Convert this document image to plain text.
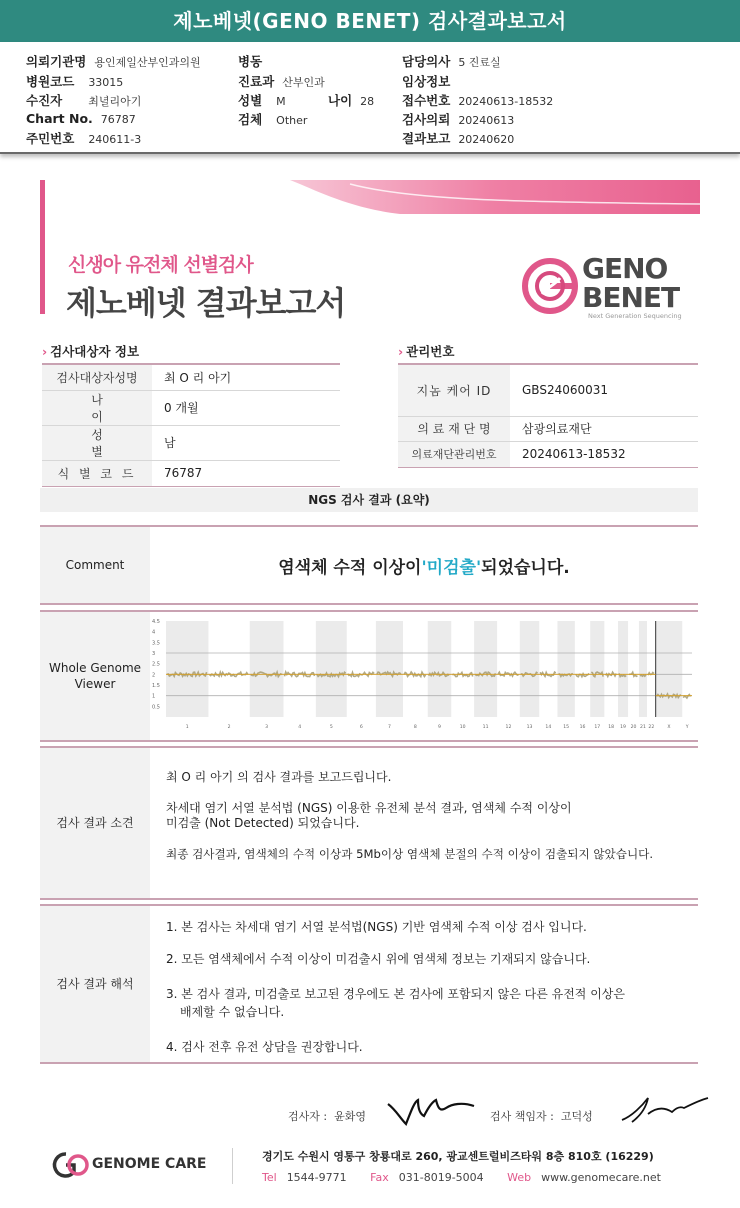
제노베넷(GENO BENET) 검사결과보고서
의뢰기관명 용인제일산부인과의원
병원코드 33015
수진자 최녈리아기
Chart No. 76787
주민번호 240611-3
병동
진료과 산부인과
성별 M	나이 28
검체 Other
담당의사 5 진료실
임상정보
접수번호 20240613-18532
검사의뢰 20240613
결과보고 20240620
신생아 유전체 선별검사
제노베넷 결과보고서
GENO
BENET
Next Generation Sequencing
› 검사대상자 정보	› 관리번호
검사대상자성명	최 O 리 아기
나 이	0 개월
성 별	남
식 별 코 드	76787
지놈 케어 ID	GBS24060031
의 료 재 단 명	삼광의료재단
의료재단관리번호	20240613-18532
NGS 검사 결과 (요약)
Comment	염색체 수적 이상이 '미검출' 되었습니다.
Whole Genome Viewer
4.5
4
3.5
3
2.5
2
1.5
1
0.5
1	2	3	4	5	6	7	8	9	10	11	12	13	14	15 16 17 18 19 20 21 22	X	Y
검사 결과 소견
최 O 리 아기 의 검사 결과를 보고드립니다.
차세대 염기 서열 분석법 (NGS) 이용한 유전체 분석 결과, 염색체 수적 이상이
미검출 (Not Detected) 되었습니다.
최종 검사결과, 염색체의 수적 이상과 5Mb이상 염색체 분절의 수적 이상이 검출되지 않았습니다.
검사 결과 해석
1. 본 검사는 차세대 염기 서열 분석법(NGS) 기반 염색체 수적 이상 검사 입니다.
2. 모든 염색체에서 수적 이상이 미검출시 위에 염색체 정보는 기재되지 않습니다.
3. 본 검사 결과, 미검출로 보고된 경우에도 본 검사에 포함되지 않은 다른 유전적 이상은
배제할 수 없습니다.
4. 검사 전후 유전 상담을 권장합니다.
검사자 : 윤화영	검사 책임자 : 고덕성
GENOME CARE	경기도 수원시 영통구 창룡대로 260, 광교센트럴비즈타워 8층 810호 (16229)
Tel 1544-9771 Fax 031-8019-5004 Web www.genomecare.net
